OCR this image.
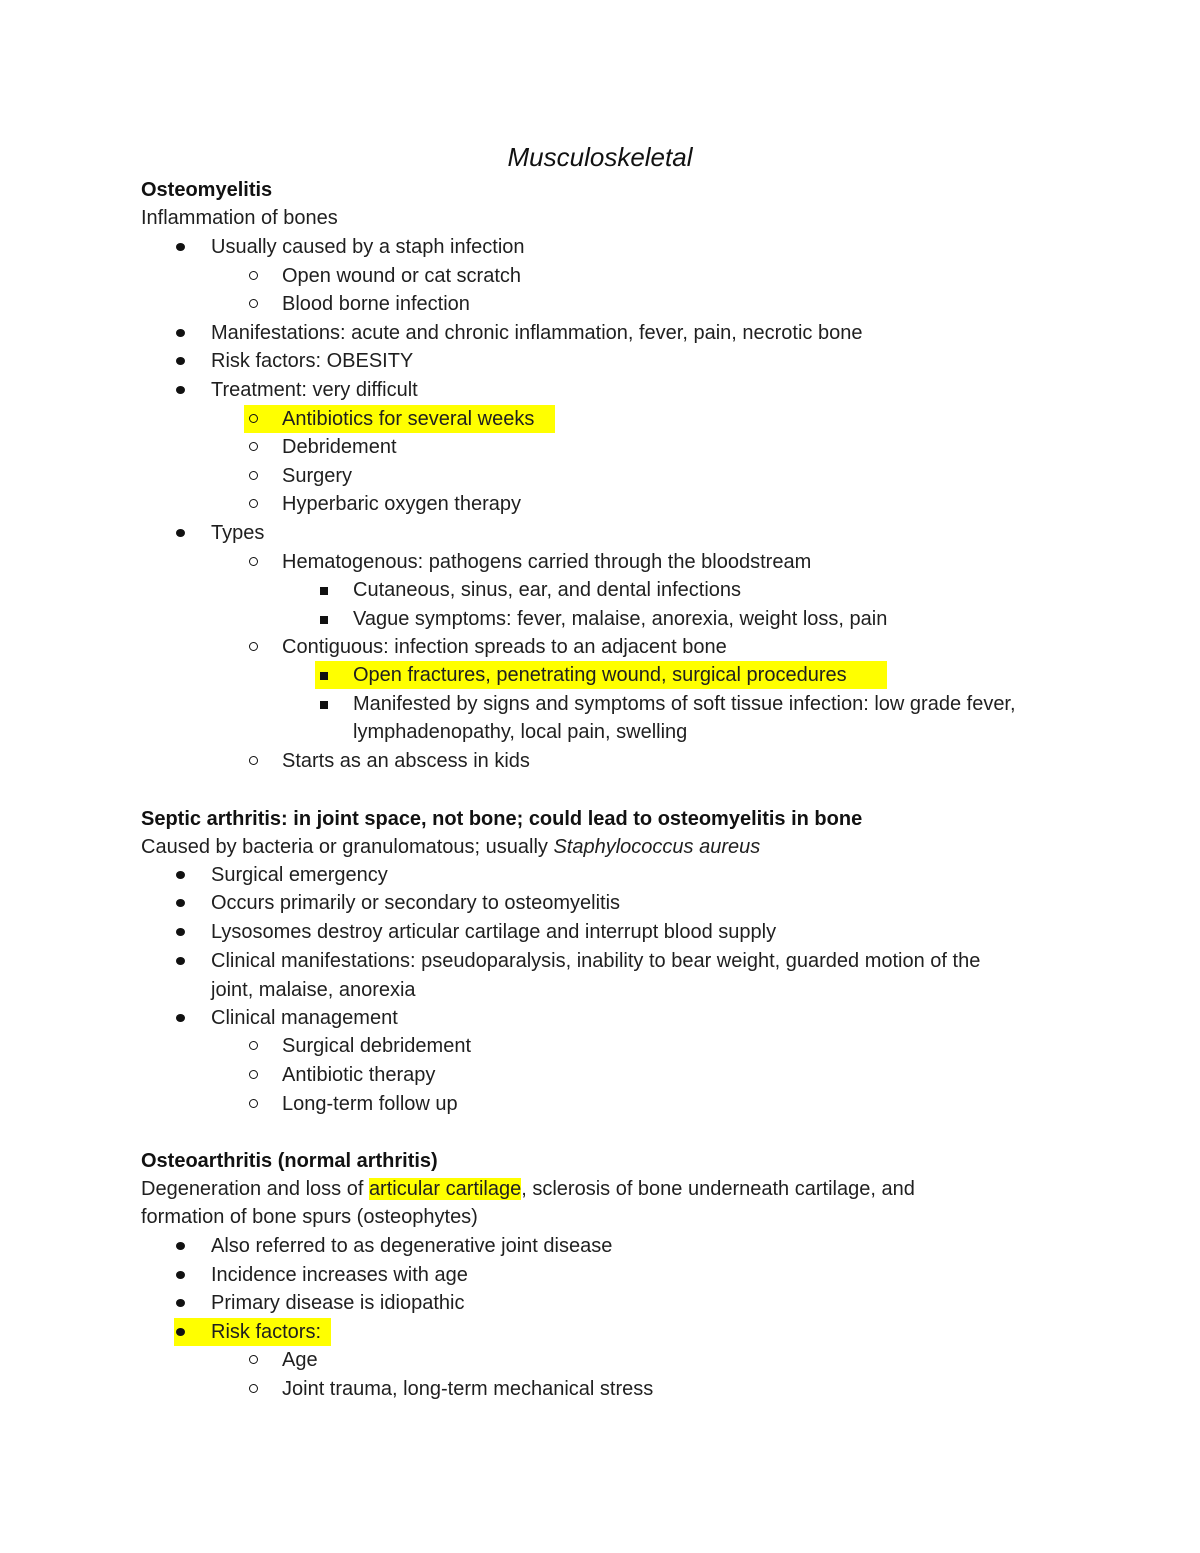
Musculoskeletal
Osteomyelitis
Inflammation of bones
Usually caused by a staph infection
Open wound or cat scratch
Blood borne infection
Manifestations: acute and chronic inflammation, fever, pain, necrotic bone
Risk factors: OBESITY
Treatment: very difficult
Antibiotics for several weeks
Debridement
Surgery
Hyperbaric oxygen therapy
Types
Hematogenous: pathogens carried through the bloodstream
Cutaneous, sinus, ear, and dental infections
Vague symptoms: fever, malaise, anorexia, weight loss, pain
Contiguous: infection spreads to an adjacent bone
Open fractures, penetrating wound, surgical procedures
Manifested by signs and symptoms of soft tissue infection: low grade fever, lymphadenopathy, local pain, swelling
Starts as an abscess in kids
Septic arthritis: in joint space, not bone; could lead to osteomyelitis in bone
Caused by bacteria or granulomatous; usually Staphylococcus aureus
Surgical emergency
Occurs primarily or secondary to osteomyelitis
Lysosomes destroy articular cartilage and interrupt blood supply
Clinical manifestations: pseudoparalysis, inability to bear weight, guarded motion of the
joint, malaise, anorexia
Clinical management
Surgical debridement
Antibiotic therapy
Long-term follow up
Osteoarthritis (normal arthritis)
Degeneration and loss of articular cartilage, sclerosis of bone underneath cartilage, and
formation of bone spurs (osteophytes)
Also referred to as degenerative joint disease
Incidence increases with age
Primary disease is idiopathic
Risk factors:
Age
Joint trauma, long-term mechanical stress
